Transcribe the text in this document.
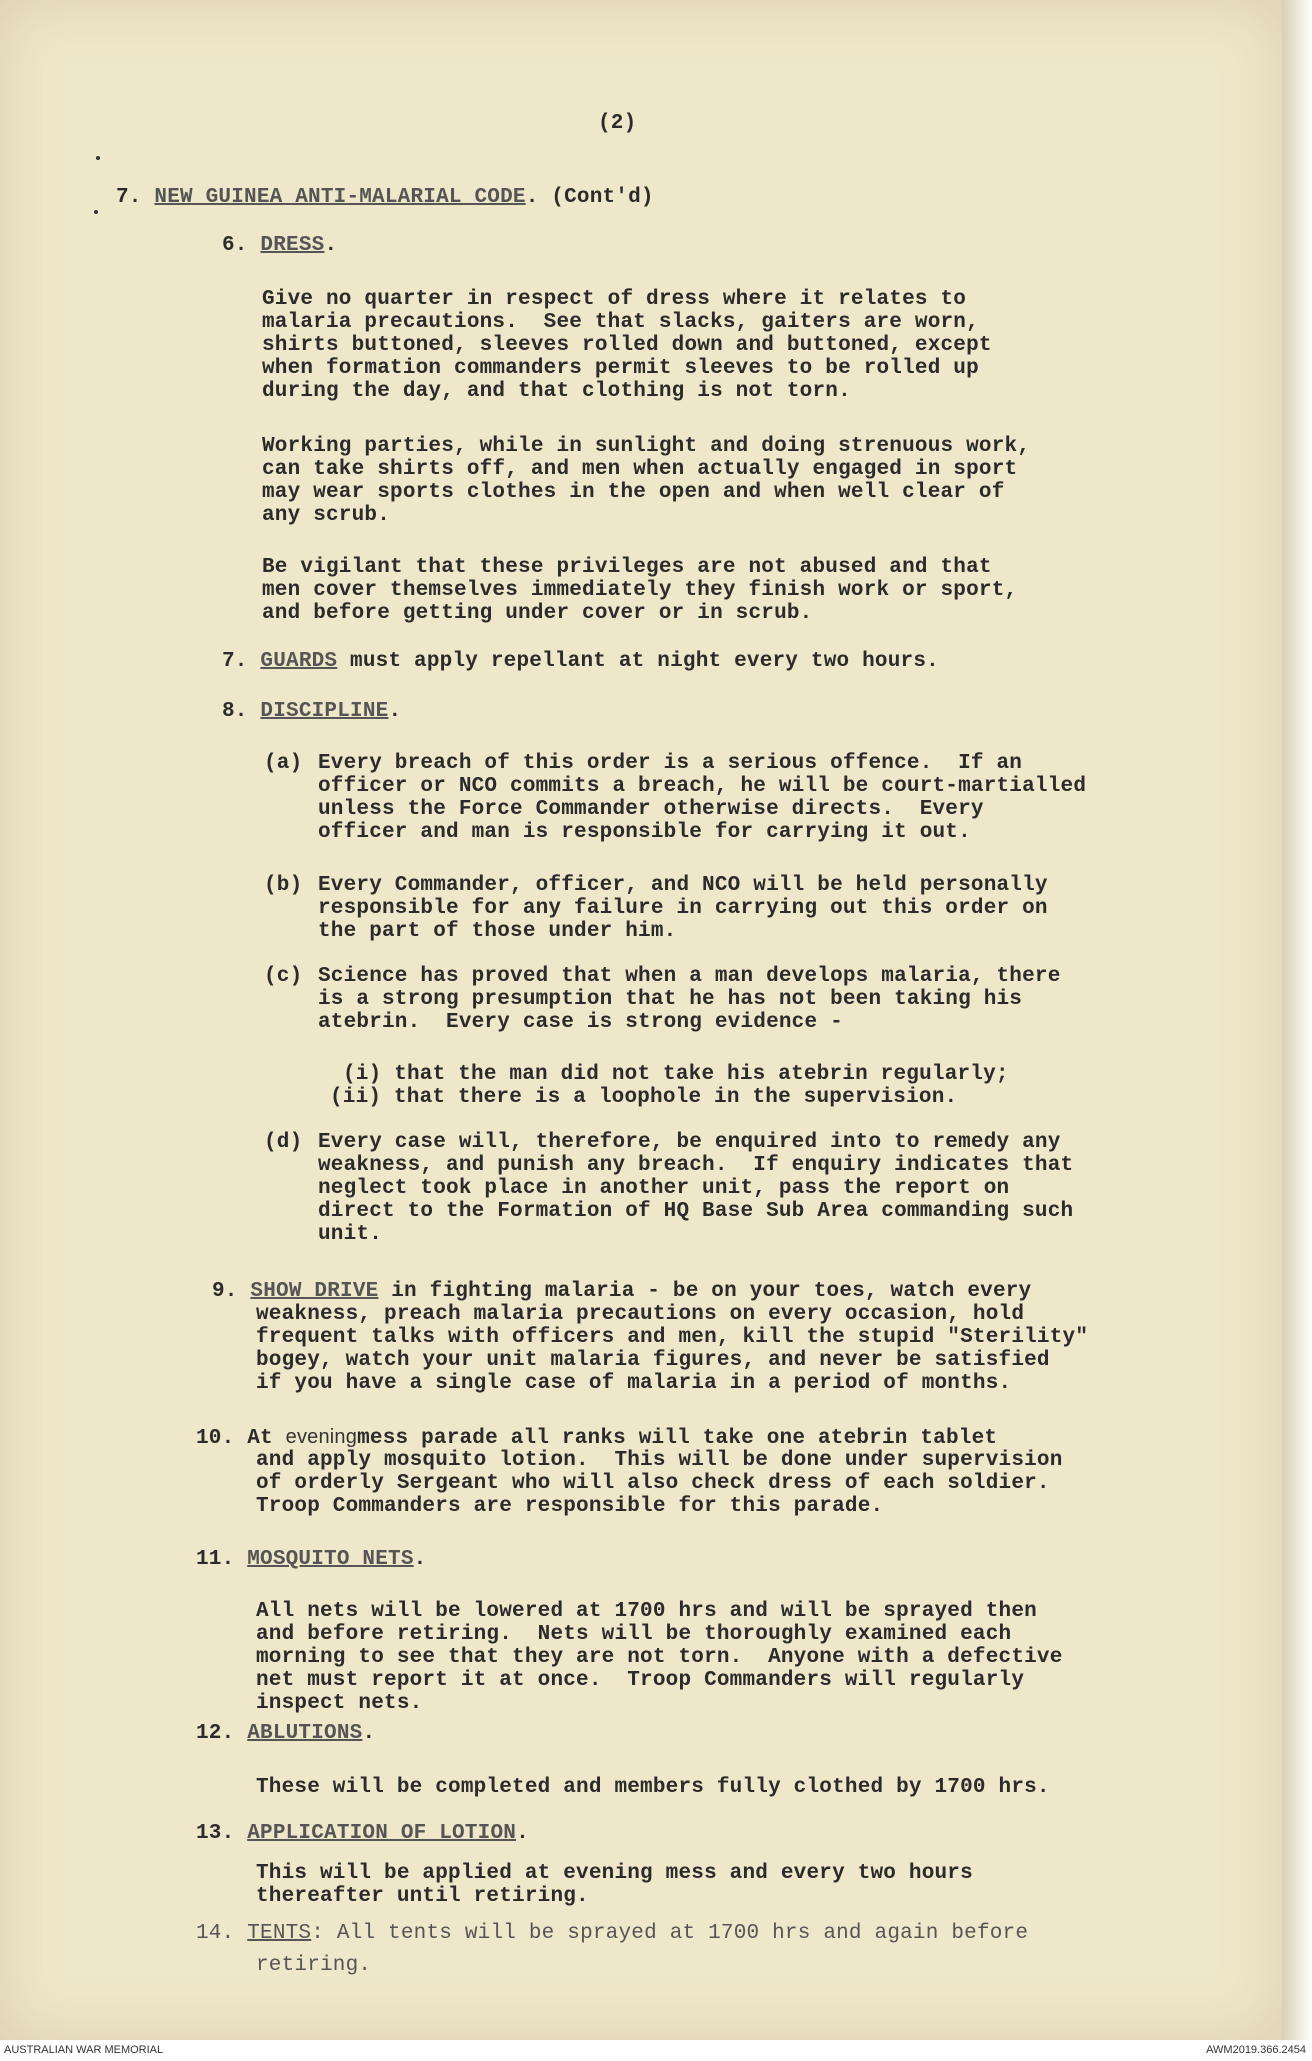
(2)
7. NEW GUINEA ANTI-MALARIAL CODE. (Cont'd)
6. DRESS.
Give no quarter in respect of dress where it relates to
malaria precautions.  See that slacks, gaiters are worn,
shirts buttoned, sleeves rolled down and buttoned, except
when formation commanders permit sleeves to be rolled up
during the day, and that clothing is not torn.
Working parties, while in sunlight and doing strenuous work,
can take shirts off, and men when actually engaged in sport
may wear sports clothes in the open and when well clear of
any scrub.
Be vigilant that these privileges are not abused and that
men cover themselves immediately they finish work or sport,
and before getting under cover or in scrub.
7. GUARDS must apply repellant at night every two hours.
8. DISCIPLINE.
(a) Every breach of this order is a serious offence.  If an
officer or NCO commits a breach, he will be court-martialled
unless the Force Commander otherwise directs.  Every
officer and man is responsible for carrying it out.
(b) Every Commander, officer, and NCO will be held personally
responsible for any failure in carrying out this order on
the part of those under him.
(c) Science has proved that when a man develops malaria, there
is a strong presumption that he has not been taking his
atebrin.  Every case is strong evidence -
(i) that the man did not take his atebrin regularly;
(ii) that there is a loophole in the supervision.
(d) Every case will, therefore, be enquired into to remedy any
weakness, and punish any breach.  If enquiry indicates that
neglect took place in another unit, pass the report on
direct to the Formation of HQ Base Sub Area commanding such
unit.
9. SHOW DRIVE in fighting malaria - be on your toes, watch every
weakness, preach malaria precautions on every occasion, hold
frequent talks with officers and men, kill the stupid "Sterility"
bogey, watch your unit malaria figures, and never be satisfied
if you have a single case of malaria in a period of months.
10. At eveningmess parade all ranks will take one atebrin tablet
and apply mosquito lotion.  This will be done under supervision
of orderly Sergeant who will also check dress of each soldier.
Troop Commanders are responsible for this parade.
11. MOSQUITO NETS.
All nets will be lowered at 1700 hrs and will be sprayed then
and before retiring.  Nets will be thoroughly examined each
morning to see that they are not torn.  Anyone with a defective
net must report it at once.  Troop Commanders will regularly
inspect nets.
12. ABLUTIONS.
These will be completed and members fully clothed by 1700 hrs.
13. APPLICATION OF LOTION.
This will be applied at evening mess and every two hours
thereafter until retiring.
14. TENTS: All tents will be sprayed at 1700 hrs and again before
retiring.
AUSTRALIAN WAR MEMORIAL	AWM2019.366.2454
